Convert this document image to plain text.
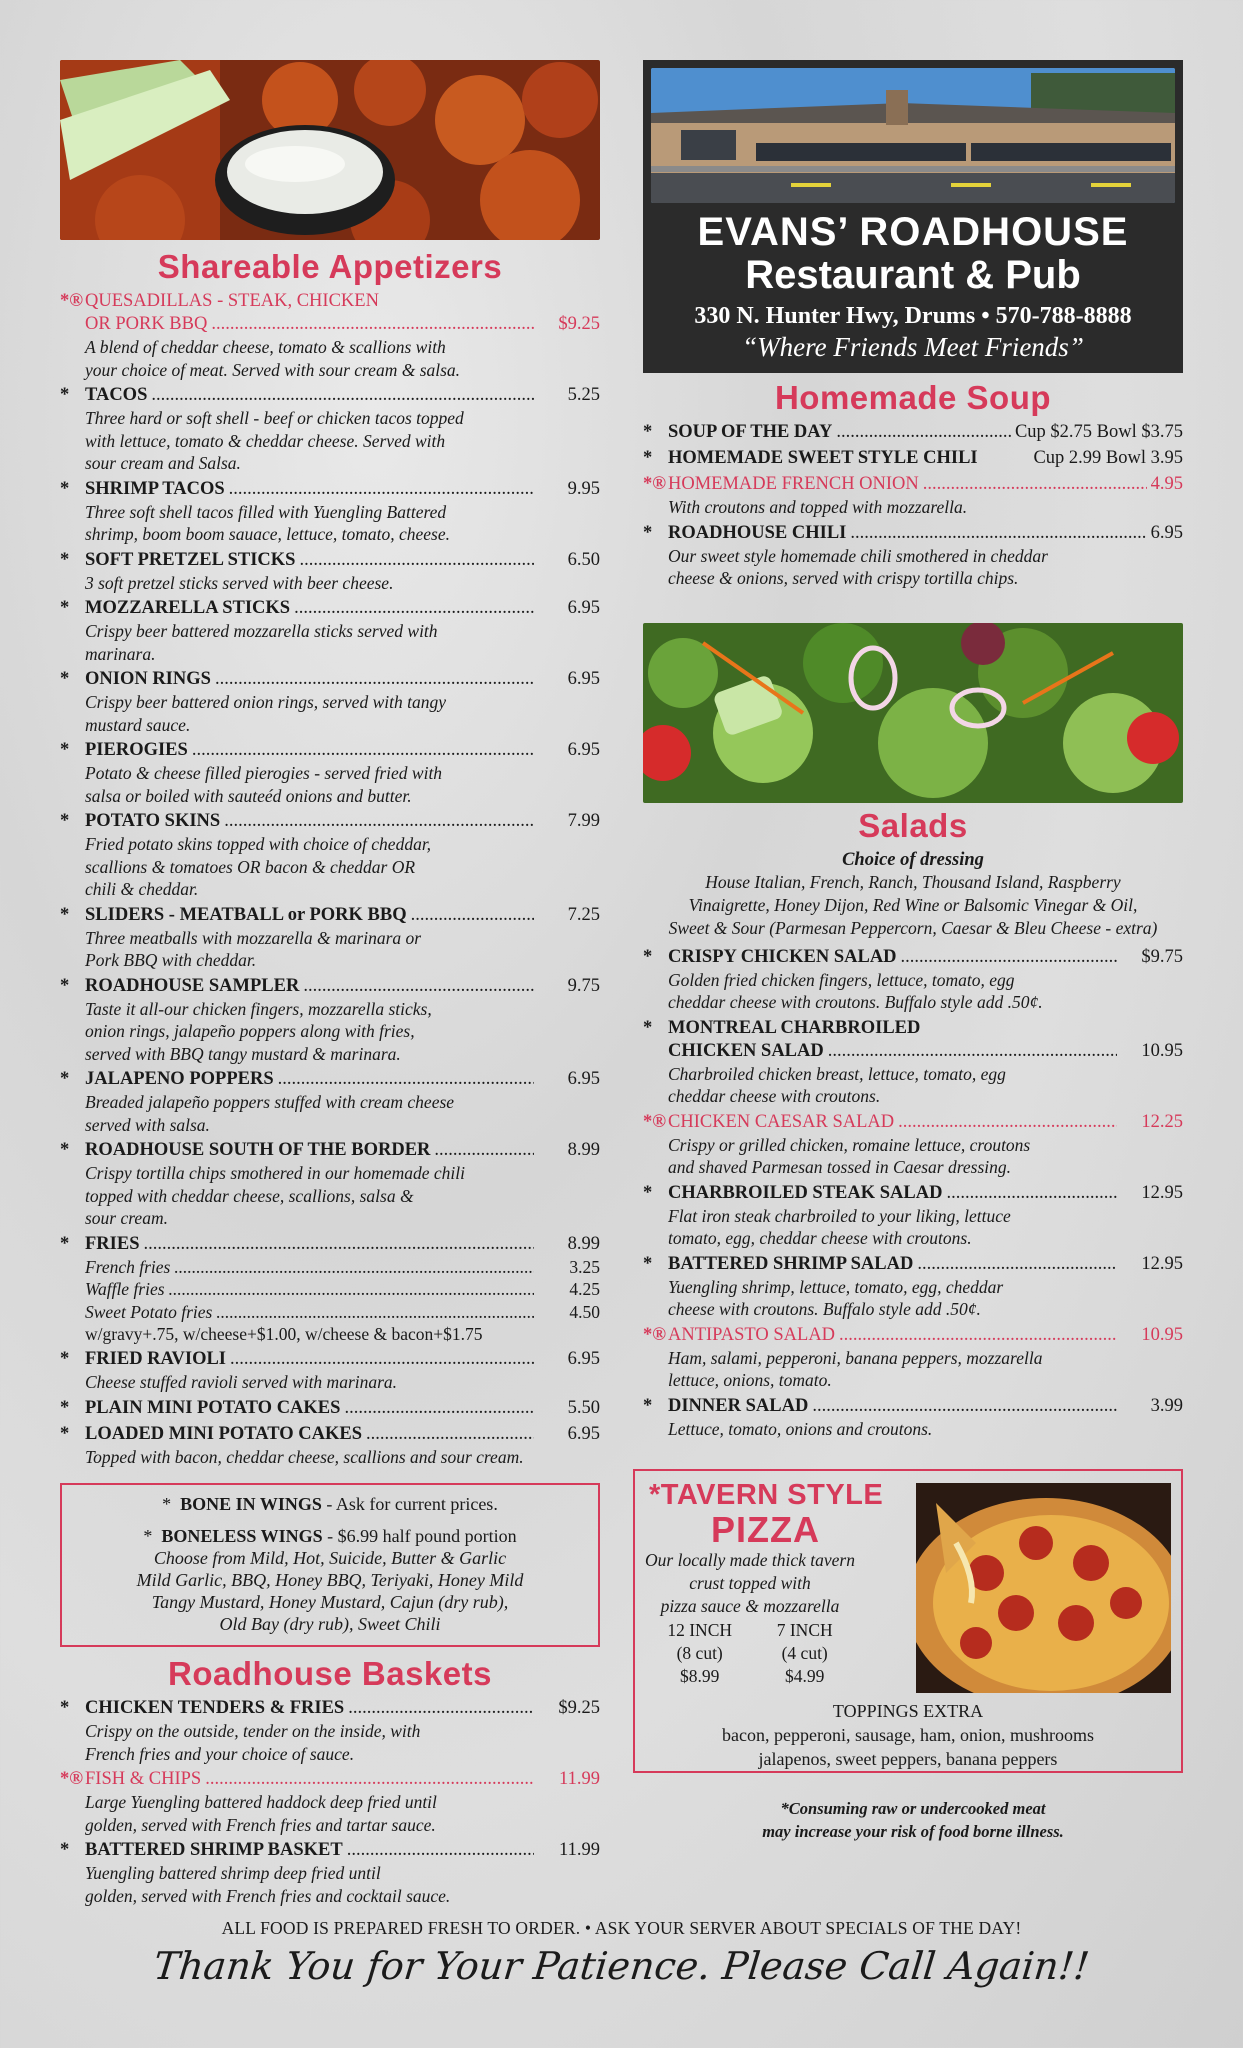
Shareable Appetizers
*® QUESADILLAS - STEAK, CHICKEN
OR PORK BBQ .....	$9.25
A blend of cheddar cheese, tomato & scallions with
your choice of meat. Served with sour cream & salsa.
* TACOS .....	5.25
Three hard or soft shell - beef or chicken tacos topped
with lettuce, tomato & cheddar cheese. Served with
sour cream and Salsa.
* SHRIMP TACOS .....	9.95
Three soft shell tacos filled with Yuengling Battered
shrimp, boom boom sauace, lettuce, tomato, cheese.
* SOFT PRETZEL STICKS .....	6.50
3 soft pretzel sticks served with beer cheese.
* MOZZARELLA STICKS .....	6.95
Crispy beer battered mozzarella sticks served with
marinara.
* ONION RINGS .....	6.95
Crispy beer battered onion rings, served with tangy
mustard sauce.
* PIEROGIES .....	6.95
Potato & cheese filled pierogies - served fried with
salsa or boiled with sauteéd onions and butter.
* POTATO SKINS .....	7.99
Fried potato skins topped with choice of cheddar,
scallions & tomatoes OR bacon & cheddar OR
chili & cheddar.
* SLIDERS - MEATBALL or PORK BBQ .....	7.25
Three meatballs with mozzarella & marinara or
Pork BBQ with cheddar.
* ROADHOUSE SAMPLER .....	9.75
Taste it all-our chicken fingers, mozzarella sticks,
onion rings, jalapeño poppers along with fries,
served with BBQ tangy mustard & marinara.
* JALAPENO POPPERS .....	6.95
Breaded jalapeño poppers stuffed with cream cheese
served with salsa.
* ROADHOUSE SOUTH OF THE BORDER .....	8.99
Crispy tortilla chips smothered in our homemade chili
topped with cheddar cheese, scallions, salsa &
sour cream.
* FRIES .....	8.99
French fries .....	3.25
Waffle fries .....	4.25
Sweet Potato fries .....	4.50
w/gravy+.75, w/cheese+$1.00, w/cheese & bacon+$1.75
* FRIED RAVIOLI .....	6.95
Cheese stuffed ravioli served with marinara.
* PLAIN MINI POTATO CAKES .....	5.50
* LOADED MINI POTATO CAKES .....	6.95
Topped with bacon, cheddar cheese, scallions and sour cream.
*  BONE IN WINGS - Ask for current prices.
*  BONELESS WINGS - $6.99 half pound portion
Choose from Mild, Hot, Suicide, Butter & Garlic
Mild Garlic, BBQ, Honey BBQ, Teriyaki, Honey Mild
Tangy Mustard, Honey Mustard, Cajun (dry rub),
Old Bay (dry rub), Sweet Chili
Roadhouse Baskets
* CHICKEN TENDERS & FRIES .....	$9.25
Crispy on the outside, tender on the inside, with
French fries and your choice of sauce.
*® FISH & CHIPS .....	11.99
Large Yuengling battered haddock deep fried until
golden, served with French fries and tartar sauce.
* BATTERED SHRIMP BASKET .....	11.99
Yuengling battered shrimp deep fried until
golden, served with French fries and cocktail sauce.
EVANS’ ROADHOUSE
Restaurant & Pub
330 N. Hunter Hwy, Drums • 570-788-8888
“Where Friends Meet Friends”
Homemade Soup
* SOUP OF THE DAY .....	Cup $2.75 Bowl $3.75
* HOMEMADE SWEET STYLE CHILI	Cup 2.99 Bowl 3.95
*® HOMEMADE FRENCH ONION .....	4.95
With croutons and topped with mozzarella.
* ROADHOUSE CHILI .....	6.95
Our sweet style homemade chili smothered in cheddar
cheese & onions, served with crispy tortilla chips.
Salads
Choice of dressing
House Italian, French, Ranch, Thousand Island, Raspberry
Vinaigrette, Honey Dijon, Red Wine or Balsomic Vinegar & Oil,
Sweet & Sour (Parmesan Peppercorn, Caesar & Bleu Cheese - extra)
* CRISPY CHICKEN SALAD .....	$9.75
Golden fried chicken fingers, lettuce, tomato, egg
cheddar cheese with croutons. Buffalo style add .50¢.
* MONTREAL CHARBROILED
CHICKEN SALAD .....	10.95
Charbroiled chicken breast, lettuce, tomato, egg
cheddar cheese with croutons.
*® CHICKEN CAESAR SALAD .....	12.25
Crispy or grilled chicken, romaine lettuce, croutons
and shaved Parmesan tossed in Caesar dressing.
* CHARBROILED STEAK SALAD .....	12.95
Flat iron steak charbroiled to your liking, lettuce
tomato, egg, cheddar cheese with croutons.
* BATTERED SHRIMP SALAD .....	12.95
Yuengling shrimp, lettuce, tomato, egg, cheddar
cheese with croutons. Buffalo style add .50¢.
*® ANTIPASTO SALAD .....	10.95
Ham, salami, pepperoni, banana peppers, mozzarella
lettuce, onions, tomato.
* DINNER SALAD .....	3.99
Lettuce, tomato, onions and croutons.
*TAVERN STYLE
PIZZA
Our locally made thick tavern
crust topped with
pizza sauce & mozzarella
12 INCH
(8 cut)
$8.99
7 INCH
(4 cut)
$4.99
TOPPINGS EXTRA
bacon, pepperoni, sausage, ham, onion, mushrooms
jalapenos, sweet peppers, banana peppers
*Consuming raw or undercooked meat
may increase your risk of food borne illness.
ALL FOOD IS PREPARED FRESH TO ORDER. • ASK YOUR SERVER ABOUT SPECIALS OF THE DAY!
Thank You for Your Patience. Please Call Again!!
